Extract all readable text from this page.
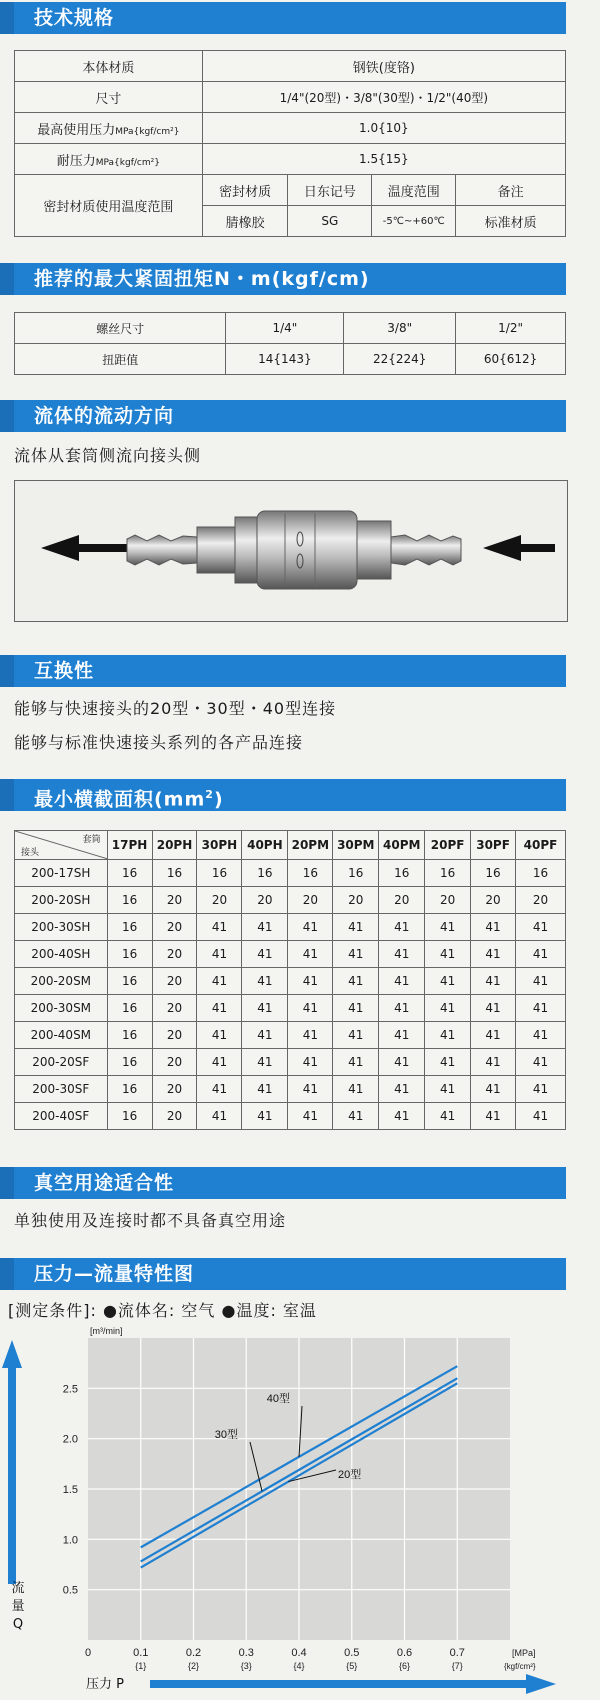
技术规格
本体材质	钢铁(度铬)			
尺寸	1/4"(20型)・3/8"(30型)・1/2"(40型)			
最高使用压力MPa{kgf/cm²}	1.0{10}			
耐压力MPa{kgf/cm²}	1.5{15}			
密封材质使用温度范围	密封材质	日东记号	温度范围	备注
	腈橡胶	SG	-5℃~+60℃	标准材质
推荐的最大紧固扭矩N・m(kgf/cm)
螺丝尺寸	1/4"	3/8"	1/2"
扭距值	14{143}	22{224}	60{612}
流体的流动方向
流体从套筒侧流向接头侧
互换性
能够与快速接头的20型・30型・40型连接
能够与标准快速接头系列的各产品连接
最小横截面积$(mm^2)$
套筒
接头	17PH	20PH	30PH	40PH	20PM	30PM	40PM	20PF	30PF	40PF
200-17SH	16	16	16	16	16	16	16	16	16	16
200-20SH	16	20	20	20	20	20	20	20	20	20
200-30SH	16	20	41	41	41	41	41	41	41	41
200-40SH	16	20	41	41	41	41	41	41	41	41
200-20SM	16	20	41	41	41	41	41	41	41	41
200-30SM	16	20	41	41	41	41	41	41	41	41
200-40SM	16	20	41	41	41	41	41	41	41	41
200-20SF	16	20	41	41	41	41	41	41	41	41
200-30SF	16	20	41	41	41	41	41	41	41	41
200-40SF	16	20	41	41	41	41	41	41	41	41
真空用途适合性
单独使用及连接时都不具备真空用途
压力—流量特性图
[测定条件]: ●流体名: 空气 ●温度: 室温
0.5
1.0
1.5
2.0
2.5
0	0.1	0.2	0.3	0.4	0.5	0.6	0.7
{1}	{2}	{3}	{4}	{5}	{6}	{7}
[m³/min]
[MPa]
{kgf/cm²}
40型
30型
20型
流
量
Q
压力 P
